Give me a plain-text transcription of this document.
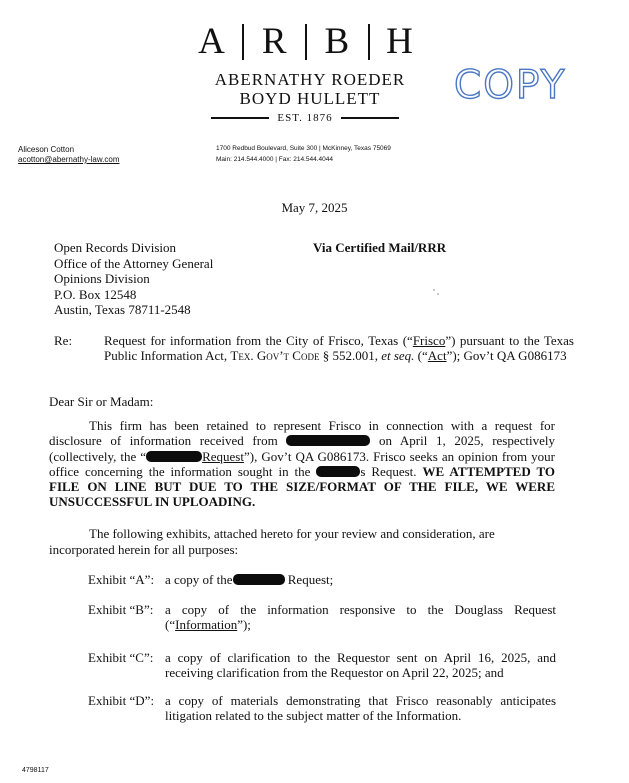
A R B H
ABERNATHY ROEDER
BOYD HULLETT
EST. 1876
COPY
Aliceson Cotton
acotton@abernathy-law.com
1700 Redbud Boulevard, Suite 300 | McKinney, Texas 75069
Main: 214.544.4000 | Fax: 214.544.4044
May 7, 2025
Open Records Division
Office of the Attorney General
Opinions Division
P.O. Box 12548
Austin, Texas 78711-2548
Via Certified Mail/RRR
Re: Request for information from the City of Frisco, Texas (“Frisco”) pursuant to the Texas Public Information Act, Tex. Gov’t Code § 552.001, et seq. (“Act”); Gov’t QA G086173
Dear Sir or Madam:
This firm has been retained to represent Frisco in connection with a request for disclosure of information received from	on April 1, 2025, respectively (collectively, the “	Request”), Gov’t QA G086173. Frisco seeks an opinion from your office concerning the information sought in the	s Request. WE ATTEMPTED TO FILE ON LINE BUT DUE TO THE SIZE/FORMAT OF THE FILE, WE WERE UNSUCCESSFUL IN UPLOADING.
The following exhibits, attached hereto for your review and consideration, are incorporated herein for all purposes:
Exhibit “A”: a copy of the	Request;
Exhibit “B”: a copy of the information responsive to the Douglass Request (“Information”);
Exhibit “C”: a copy of clarification to the Requestor sent on April 16, 2025, and receiving clarification from the Requestor on April 22, 2025; and
Exhibit “D”: a copy of materials demonstrating that Frisco reasonably anticipates litigation related to the subject matter of the Information.
4798117
